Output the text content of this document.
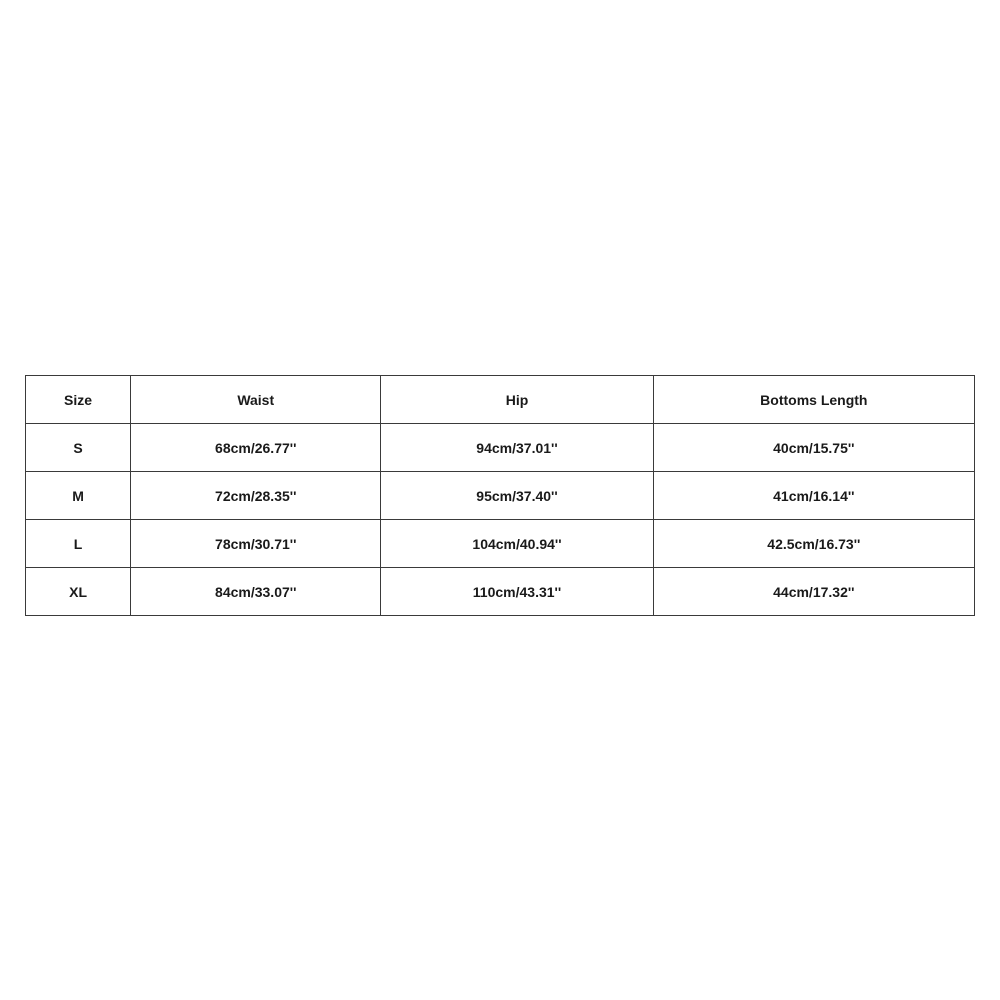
Size	Waist	Hip	Bottoms Length
S	68cm/26.77''	94cm/37.01''	40cm/15.75''
M	72cm/28.35''	95cm/37.40''	41cm/16.14''
L	78cm/30.71''	104cm/40.94''	42.5cm/16.73''
XL	84cm/33.07''	110cm/43.31''	44cm/17.32''
